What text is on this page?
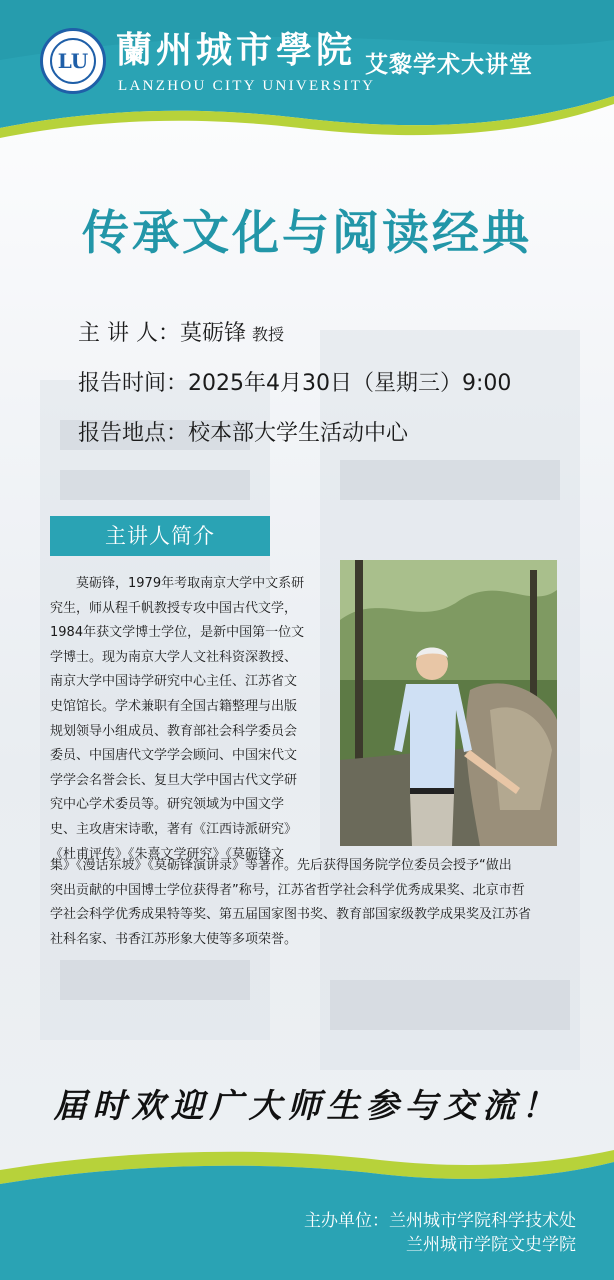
LU 蘭州城市學院
LANZHOU CITY UNIVERSITY
艾黎学术大讲堂
传承文化与阅读经典
主 讲 人：莫砺锋 教授
报告时间：2025年4月30日（星期三）9:00
报告地点：校本部大学生活动中心
主讲人简介
　　莫砺锋，1979年考取南京大学中文系研
究生，师从程千帆教授专攻中国古代文学，
1984年获文学博士学位，是新中国第一位文
学博士。现为南京大学人文社科资深教授、
南京大学中国诗学研究中心主任、江苏省文
史馆馆长。学术兼职有全国古籍整理与出版
规划领导小组成员、教育部社会科学委员会
委员、中国唐代文学学会顾问、中国宋代文
学学会名誉会长、复旦大学中国古代文学研
究中心学术委员等。研究领域为中国文学
史、主攻唐宋诗歌，著有《江西诗派研究》
《杜甫评传》《朱熹文学研究》《莫砺锋文
集》《漫话东坡》《莫砺锋演讲录》等著作。先后获得国务院学位委员会授予“做出
突出贡献的中国博士学位获得者”称号，江苏省哲学社会科学优秀成果奖、北京市哲
学社会科学优秀成果特等奖、第五届国家图书奖、教育部国家级教学成果奖及江苏省
社科名家、书香江苏形象大使等多项荣誉。
届时欢迎广大师生参与交流！
主办单位：兰州城市学院科学技术处
兰州城市学院文史学院
